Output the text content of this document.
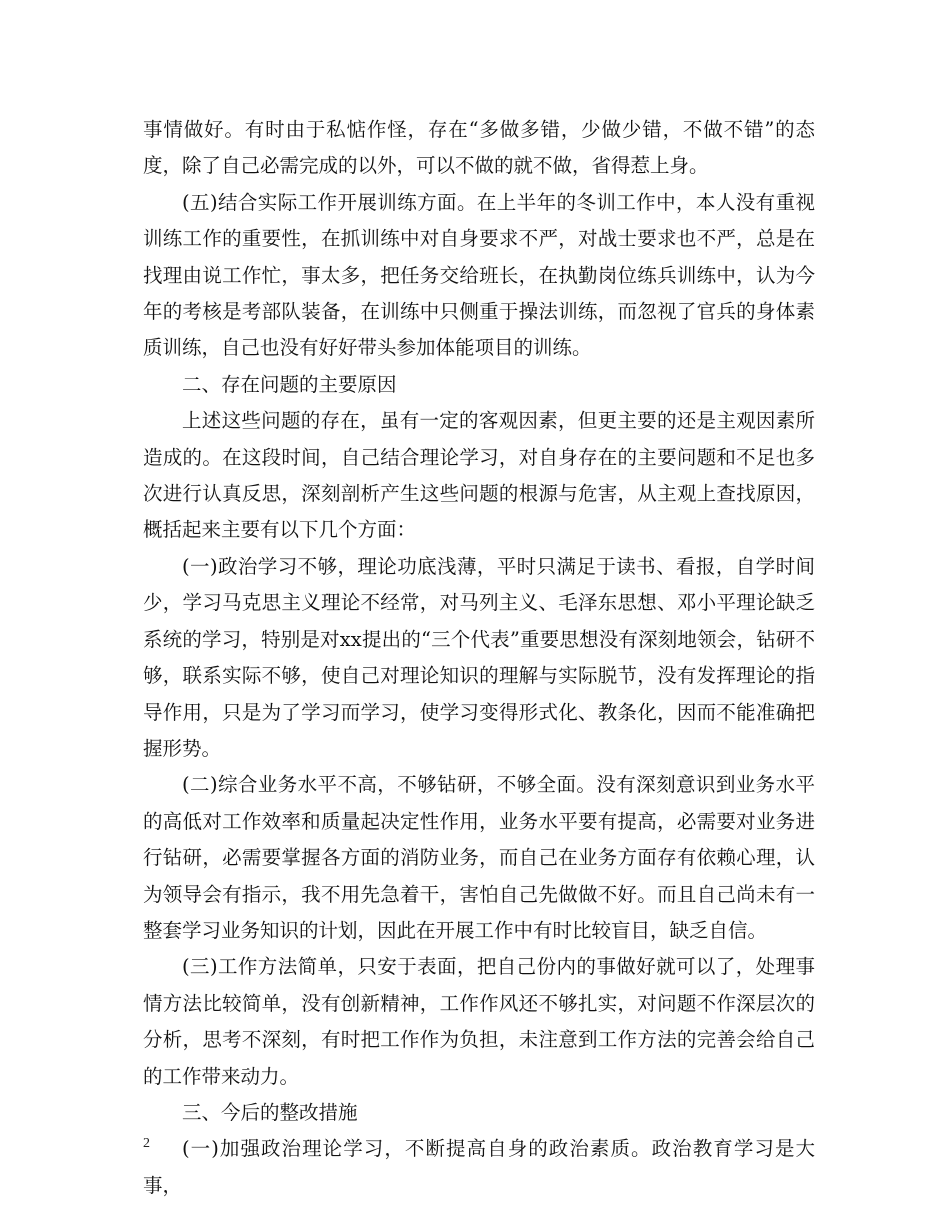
事情做好。有时由于私惦作怪，存在“多做多错，少做少错，不做不错”的态度，除了自己必需完成的以外，可以不做的就不做，省得惹上身。

(五)结合实际工作开展训练方面。在上半年的冬训工作中，本人没有重视训练工作的重要性，在抓训练中对自身要求不严，对战士要求也不严，总是在找理由说工作忙，事太多，把任务交给班长，在执勤岗位练兵训练中，认为今年的考核是考部队装备，在训练中只侧重于操法训练，而忽视了官兵的身体素质训练，自己也没有好好带头参加体能项目的训练。

二、存在问题的主要原因

上述这些问题的存在，虽有一定的客观因素，但更主要的还是主观因素所造成的。在这段时间，自己结合理论学习，对自身存在的主要问题和不足也多次进行认真反思，深刻剖析产生这些问题的根源与危害，从主观上查找原因，概括起来主要有以下几个方面：

(一)政治学习不够，理论功底浅薄，平时只满足于读书、看报，自学时间少，学习马克思主义理论不经常，对马列主义、毛泽东思想、邓小平理论缺乏系统的学习，特别是对xx提出的“三个代表”重要思想没有深刻地领会，钻研不够，联系实际不够，使自己对理论知识的理解与实际脱节，没有发挥理论的指导作用，只是为了学习而学习，使学习变得形式化、教条化，因而不能准确把握形势。

(二)综合业务水平不高，不够钻研，不够全面。没有深刻意识到业务水平的高低对工作效率和质量起决定性作用，业务水平要有提高，必需要对业务进行钻研，必需要掌握各方面的消防业务，而自己在业务方面存有依赖心理，认为领导会有指示，我不用先急着干，害怕自己先做做不好。而且自己尚未有一整套学习业务知识的计划，因此在开展工作中有时比较盲目，缺乏自信。

(三)工作方法简单，只安于表面，把自己份内的事做好就可以了，处理事情方法比较简单，没有创新精神，工作作风还不够扎实，对问题不作深层次的分析，思考不深刻，有时把工作作为负担，未注意到工作方法的完善会给自己的工作带来动力。

三、今后的整改措施

(一)加强政治理论学习，不断提高自身的政治素质。政治教育学习是大事，

2
